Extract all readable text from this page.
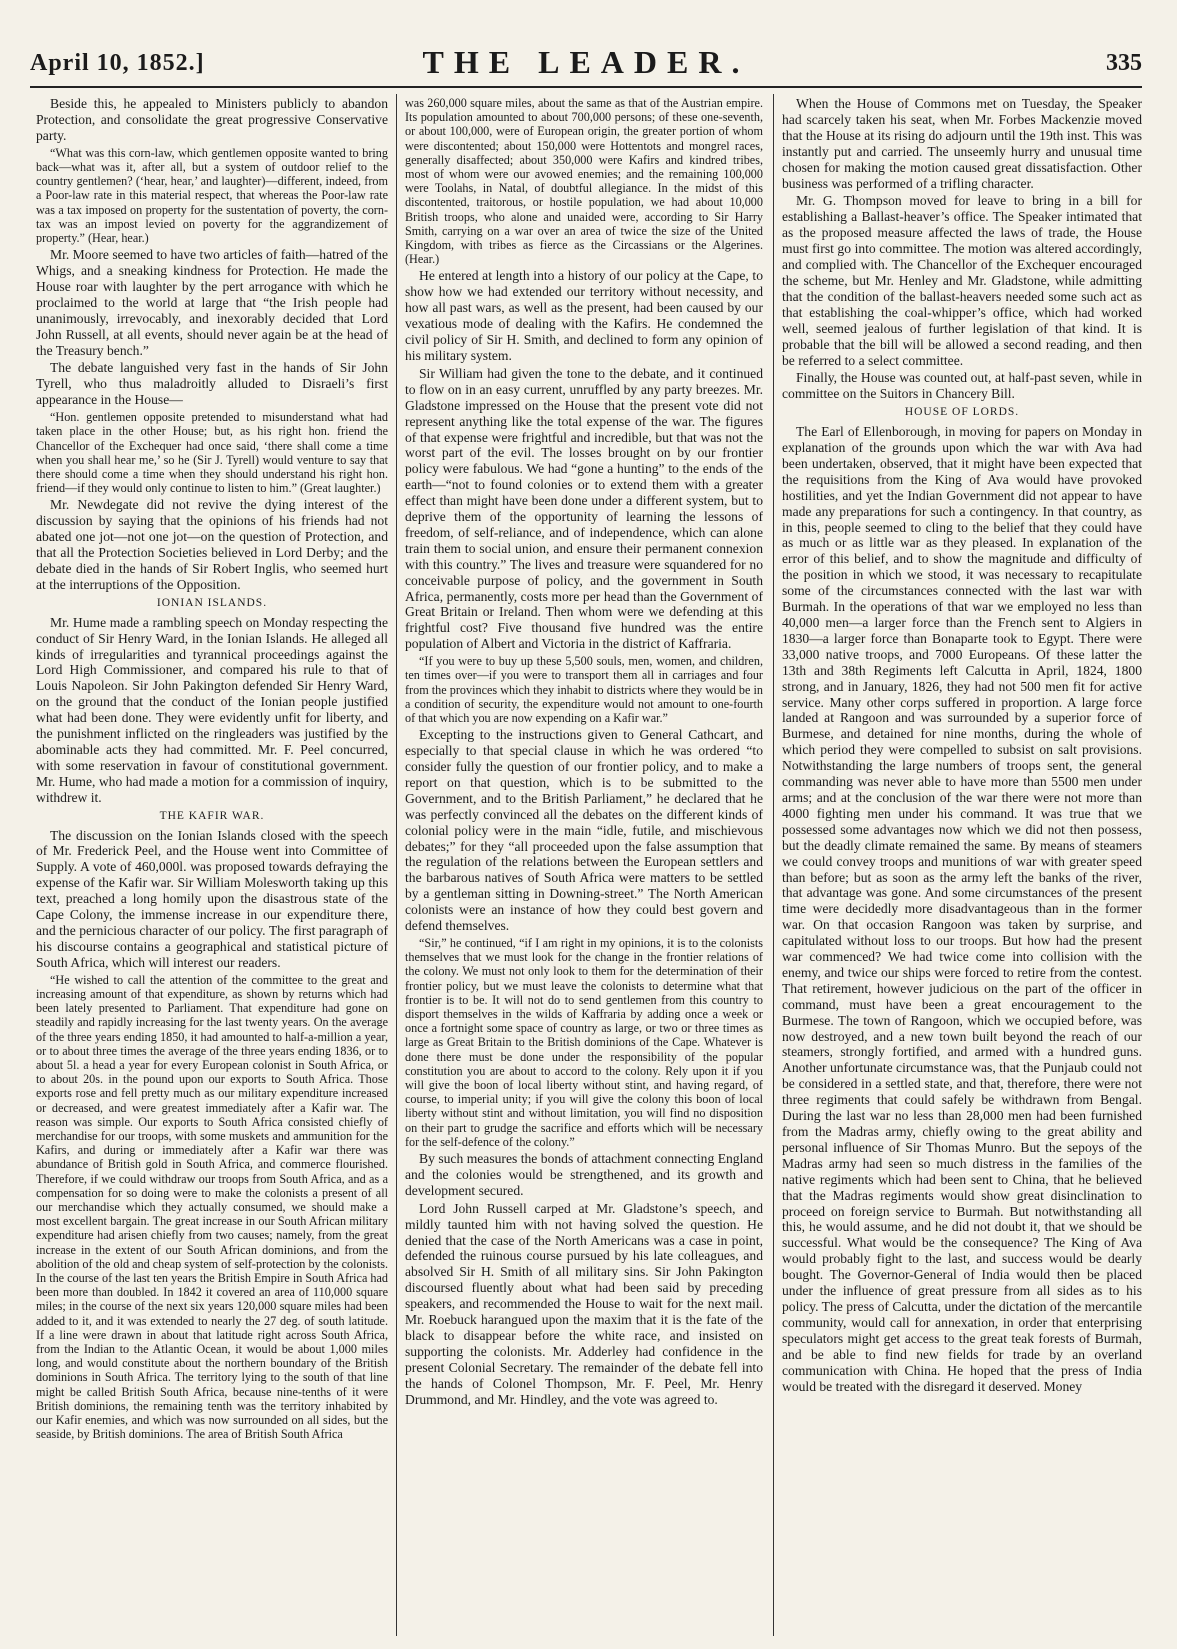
April 10, 1852.]	THE LEADER.	335

Beside this, he appealed to Ministers publicly to abandon Protection, and consolidate the great progressive Conservative party.

“What was this corn-law, which gentlemen opposite wanted to bring back—what was it, after all, but a system of outdoor relief to the country gentlemen? (‘hear, hear,’ and laughter)—different, indeed, from a Poor-law rate in this material respect, that whereas the Poor-law rate was a tax imposed on property for the sustentation of poverty, the corn-tax was an impost levied on poverty for the aggrandizement of property.” (Hear, hear.)

Mr. Moore seemed to have two articles of faith—hatred of the Whigs, and a sneaking kindness for Protection. He made the House roar with laughter by the pert arrogance with which he proclaimed to the world at large that “the Irish people had unanimously, irrevocably, and inexorably decided that Lord John Russell, at all events, should never again be at the head of the Treasury bench.”

The debate languished very fast in the hands of Sir John Tyrell, who thus maladroitly alluded to Disraeli’s first appearance in the House—

“Hon. gentlemen opposite pretended to misunderstand what had taken place in the other House; but, as his right hon. friend the Chancellor of the Exchequer had once said, ‘there shall come a time when you shall hear me,’ so he (Sir J. Tyrell) would venture to say that there should come a time when they should understand his right hon. friend—if they would only continue to listen to him.” (Great laughter.)

Mr. Newdegate did not revive the dying interest of the discussion by saying that the opinions of his friends had not abated one jot—not one jot—on the question of Protection, and that all the Protection Societies believed in Lord Derby; and the debate died in the hands of Sir Robert Inglis, who seemed hurt at the interruptions of the Opposition.

IONIAN ISLANDS.

Mr. Hume made a rambling speech on Monday respecting the conduct of Sir Henry Ward, in the Ionian Islands. He alleged all kinds of irregularities and tyrannical proceedings against the Lord High Commissioner, and compared his rule to that of Louis Napoleon. Sir John Pakington defended Sir Henry Ward, on the ground that the conduct of the Ionian people justified what had been done. They were evidently unfit for liberty, and the punishment inflicted on the ringleaders was justified by the abominable acts they had committed. Mr. F. Peel concurred, with some reservation in favour of constitutional government. Mr. Hume, who had made a motion for a commission of inquiry, withdrew it.

THE KAFIR WAR.

The discussion on the Ionian Islands closed with the speech of Mr. Frederick Peel, and the House went into Committee of Supply. A vote of 460,000l. was proposed towards defraying the expense of the Kafir war. Sir William Molesworth taking up this text, preached a long homily upon the disastrous state of the Cape Colony, the immense increase in our expenditure there, and the pernicious character of our policy. The first paragraph of his discourse contains a geographical and statistical picture of South Africa, which will interest our readers.

“He wished to call the attention of the committee to the great and increasing amount of that expenditure, as shown by returns which had been lately presented to Parliament. That expenditure had gone on steadily and rapidly increasing for the last twenty years. On the average of the three years ending 1850, it had amounted to half-a-million a year, or to about three times the average of the three years ending 1836, or to about 5l. a head a year for every European colonist in South Africa, or to about 20s. in the pound upon our exports to South Africa. Those exports rose and fell pretty much as our military expenditure increased or decreased, and were greatest immediately after a Kafir war. The reason was simple. Our exports to South Africa consisted chiefly of merchandise for our troops, with some muskets and ammunition for the Kafirs, and during or immediately after a Kafir war there was abundance of British gold in South Africa, and commerce flourished. Therefore, if we could withdraw our troops from South Africa, and as a compensation for so doing were to make the colonists a present of all our merchandise which they actually consumed, we should make a most excellent bargain. The great increase in our South African military expenditure had arisen chiefly from two causes; namely, from the great increase in the extent of our South African dominions, and from the abolition of the old and cheap system of self-protection by the colonists. In the course of the last ten years the British Empire in South Africa had been more than doubled. In 1842 it covered an area of 110,000 square miles; in the course of the next six years 120,000 square miles had been added to it, and it was extended to nearly the 27 deg. of south latitude. If a line were drawn in about that latitude right across South Africa, from the Indian to the Atlantic Ocean, it would be about 1,000 miles long, and would constitute about the northern boundary of the British dominions in South Africa. The territory lying to the south of that line might be called British South Africa, because nine-tenths of it were British dominions, the remaining tenth was the territory inhabited by our Kafir enemies, and which was now surrounded on all sides, but the seaside, by British dominions. The area of British South Africa

was 260,000 square miles, about the same as that of the Austrian empire. Its population amounted to about 700,000 persons; of these one-seventh, or about 100,000, were of European origin, the greater portion of whom were discontented; about 150,000 were Hottentots and mongrel races, generally disaffected; about 350,000 were Kafirs and kindred tribes, most of whom were our avowed enemies; and the remaining 100,000 were Toolahs, in Natal, of doubtful allegiance. In the midst of this discontented, traitorous, or hostile population, we had about 10,000 British troops, who alone and unaided were, according to Sir Harry Smith, carrying on a war over an area of twice the size of the United Kingdom, with tribes as fierce as the Circassians or the Algerines. (Hear.)

He entered at length into a history of our policy at the Cape, to show how we had extended our territory without necessity, and how all past wars, as well as the present, had been caused by our vexatious mode of dealing with the Kafirs. He condemned the civil policy of Sir H. Smith, and declined to form any opinion of his military system.

Sir William had given the tone to the debate, and it continued to flow on in an easy current, unruffled by any party breezes. Mr. Gladstone impressed on the House that the present vote did not represent anything like the total expense of the war. The figures of that expense were frightful and incredible, but that was not the worst part of the evil. The losses brought on by our frontier policy were fabulous. We had “gone a hunting” to the ends of the earth—“not to found colonies or to extend them with a greater effect than might have been done under a different system, but to deprive them of the opportunity of learning the lessons of freedom, of self-reliance, and of independence, which can alone train them to social union, and ensure their permanent connexion with this country.” The lives and treasure were squandered for no conceivable purpose of policy, and the government in South Africa, permanently, costs more per head than the Government of Great Britain or Ireland. Then whom were we defending at this frightful cost? Five thousand five hundred was the entire population of Albert and Victoria in the district of Kaffraria.

“If you were to buy up these 5,500 souls, men, women, and children, ten times over—if you were to transport them all in carriages and four from the provinces which they inhabit to districts where they would be in a condition of security, the expenditure would not amount to one-fourth of that which you are now expending on a Kafir war.”

Excepting to the instructions given to General Cathcart, and especially to that special clause in which he was ordered “to consider fully the question of our frontier policy, and to make a report on that question, which is to be submitted to the Government, and to the British Parliament,” he declared that he was perfectly convinced all the debates on the different kinds of colonial policy were in the main “idle, futile, and mischievous debates;” for they “all proceeded upon the false assumption that the regulation of the relations between the European settlers and the barbarous natives of South Africa were matters to be settled by a gentleman sitting in Downing-street.” The North American colonists were an instance of how they could best govern and defend themselves.

“Sir,” he continued, “if I am right in my opinions, it is to the colonists themselves that we must look for the change in the frontier relations of the colony. We must not only look to them for the determination of their frontier policy, but we must leave the colonists to determine what that frontier is to be. It will not do to send gentlemen from this country to disport themselves in the wilds of Kaffraria by adding once a week or once a fortnight some space of country as large, or two or three times as large as Great Britain to the British dominions of the Cape. Whatever is done there must be done under the responsibility of the popular constitution you are about to accord to the colony. Rely upon it if you will give the boon of local liberty without stint, and having regard, of course, to imperial unity; if you will give the colony this boon of local liberty without stint and without limitation, you will find no disposition on their part to grudge the sacrifice and efforts which will be necessary for the self-defence of the colony.”

By such measures the bonds of attachment connecting England and the colonies would be strengthened, and its growth and development secured.

Lord John Russell carped at Mr. Gladstone’s speech, and mildly taunted him with not having solved the question. He denied that the case of the North Americans was a case in point, defended the ruinous course pursued by his late colleagues, and absolved Sir H. Smith of all military sins. Sir John Pakington discoursed fluently about what had been said by preceding speakers, and recommended the House to wait for the next mail. Mr. Roebuck harangued upon the maxim that it is the fate of the black to disappear before the white race, and insisted on supporting the colonists. Mr. Adderley had confidence in the present Colonial Secretary. The remainder of the debate fell into the hands of Colonel Thompson, Mr. F. Peel, Mr. Henry Drummond, and Mr. Hindley, and the vote was agreed to.

When the House of Commons met on Tuesday, the Speaker had scarcely taken his seat, when Mr. Forbes Mackenzie moved that the House at its rising do adjourn until the 19th inst. This was instantly put and carried. The unseemly hurry and unusual time chosen for making the motion caused great dissatisfaction. Other business was performed of a trifling character.

Mr. G. Thompson moved for leave to bring in a bill for establishing a Ballast-heaver’s office. The Speaker intimated that as the proposed measure affected the laws of trade, the House must first go into committee. The motion was altered accordingly, and complied with. The Chancellor of the Exchequer encouraged the scheme, but Mr. Henley and Mr. Gladstone, while admitting that the condition of the ballast-heavers needed some such act as that establishing the coal-whipper’s office, which had worked well, seemed jealous of further legislation of that kind. It is probable that the bill will be allowed a second reading, and then be referred to a select committee.

Finally, the House was counted out, at half-past seven, while in committee on the Suitors in Chancery Bill.

HOUSE OF LORDS.

The Earl of Ellenborough, in moving for papers on Monday in explanation of the grounds upon which the war with Ava had been undertaken, observed, that it might have been expected that the requisitions from the King of Ava would have provoked hostilities, and yet the Indian Government did not appear to have made any preparations for such a contingency. In that country, as in this, people seemed to cling to the belief that they could have as much or as little war as they pleased. In explanation of the error of this belief, and to show the magnitude and difficulty of the position in which we stood, it was necessary to recapitulate some of the circumstances connected with the last war with Burmah. In the operations of that war we employed no less than 40,000 men—a larger force than the French sent to Algiers in 1830—a larger force than Bonaparte took to Egypt. There were 33,000 native troops, and 7000 Europeans. Of these latter the 13th and 38th Regiments left Calcutta in April, 1824, 1800 strong, and in January, 1826, they had not 500 men fit for active service. Many other corps suffered in proportion. A large force landed at Rangoon and was surrounded by a superior force of Burmese, and detained for nine months, during the whole of which period they were compelled to subsist on salt provisions. Notwithstanding the large numbers of troops sent, the general commanding was never able to have more than 5500 men under arms; and at the conclusion of the war there were not more than 4000 fighting men under his command. It was true that we possessed some advantages now which we did not then possess, but the deadly climate remained the same. By means of steamers we could convey troops and munitions of war with greater speed than before; but as soon as the army left the banks of the river, that advantage was gone. And some circumstances of the present time were decidedly more disadvantageous than in the former war. On that occasion Rangoon was taken by surprise, and capitulated without loss to our troops. But how had the present war commenced? We had twice come into collision with the enemy, and twice our ships were forced to retire from the contest. That retirement, however judicious on the part of the officer in command, must have been a great encouragement to the Burmese. The town of Rangoon, which we occupied before, was now destroyed, and a new town built beyond the reach of our steamers, strongly fortified, and armed with a hundred guns. Another unfortunate circumstance was, that the Punjaub could not be considered in a settled state, and that, therefore, there were not three regiments that could safely be withdrawn from Bengal. During the last war no less than 28,000 men had been furnished from the Madras army, chiefly owing to the great ability and personal influence of Sir Thomas Munro. But the sepoys of the Madras army had seen so much distress in the families of the native regiments which had been sent to China, that he believed that the Madras regiments would show great disinclination to proceed on foreign service to Burmah. But notwithstanding all this, he would assume, and he did not doubt it, that we should be successful. What would be the consequence? The King of Ava would probably fight to the last, and success would be dearly bought. The Governor-General of India would then be placed under the influence of great pressure from all sides as to his policy. The press of Calcutta, under the dictation of the mercantile community, would call for annexation, in order that enterprising speculators might get access to the great teak forests of Burmah, and be able to find new fields for trade by an overland communication with China. He hoped that the press of India would be treated with the disregard it deserved. Money
